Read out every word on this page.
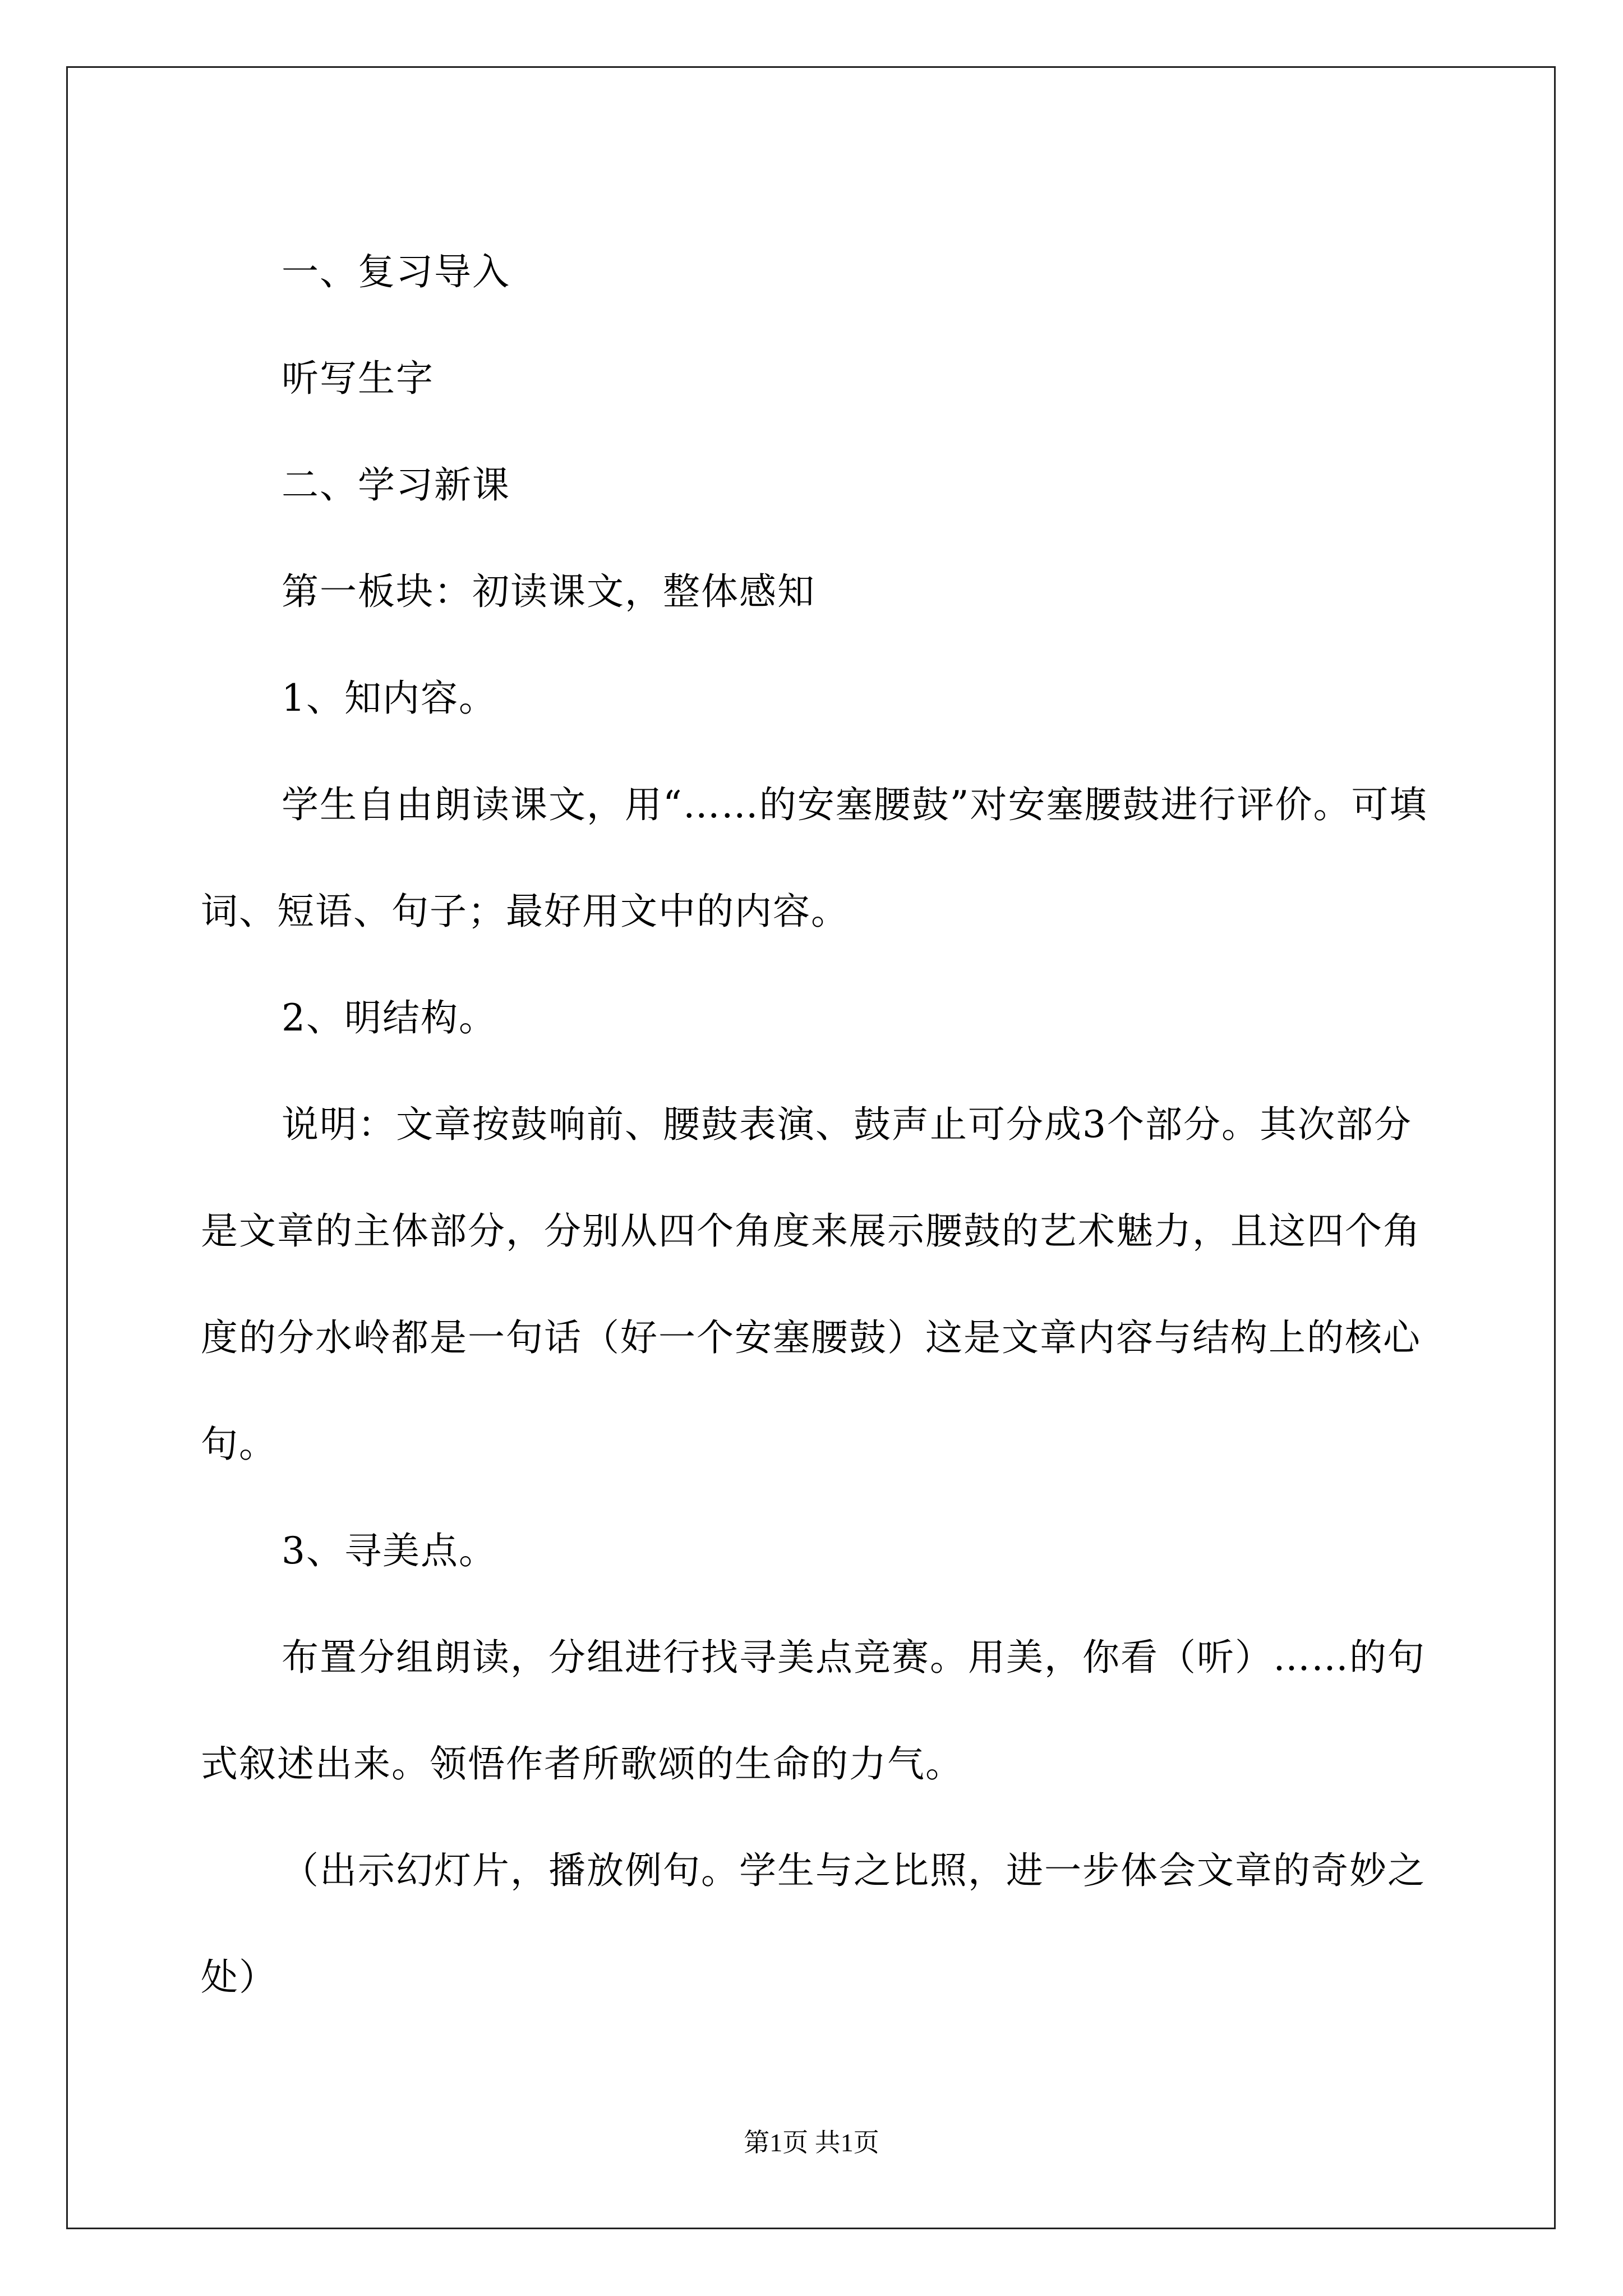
一、复习导入

听写生字

二、学习新课

第一板块：初读课文，整体感知

1、知内容。

学生自由朗读课文，用“……的安塞腰鼓”对安塞腰鼓进行评价。可填词、短语、句子；最好用文中的内容。

2、明结构。

说明：文章按鼓响前、腰鼓表演、鼓声止可分成3个部分。其次部分是文章的主体部分，分别从四个角度来展示腰鼓的艺术魅力，且这四个角度的分水岭都是一句话（好一个安塞腰鼓）这是文章内容与结构上的核心句。

3、寻美点。

布置分组朗读，分组进行找寻美点竞赛。用美，你看（听）……的句式叙述出来。领悟作者所歌颂的生命的力气。

（出示幻灯片，播放例句。学生与之比照，进一步体会文章的奇妙之处）

第1页 共1页
